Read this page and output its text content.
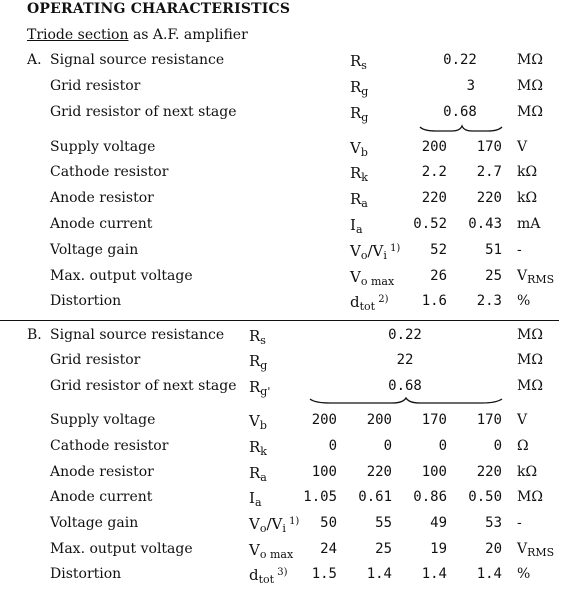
OPERATING CHARACTERISTICS
Triode section as A.F. amplifier
A. Signal source resistance	$R_s$	0.22	MΩ
Grid resistor	$R_g$	3	MΩ
Grid resistor of next stage	$R_g$	0.68	MΩ
Supply voltage	$V_b$	200	170 V
Cathode resistor	$R_k$	2.2	2.7 kΩ
Anode resistor	$R_a$	220	220 kΩ
Anode current	$I_a$	0.52	0.43 mA
Voltage gain	$V_o/V_i$ $^{1)}$	52	51 -
Max. output voltage	$V_{o max}$	26	25 $V_{RMS}$
Distortion	$d_{tot}$ $^{2)}$	1.6	2.3 %
B. Signal source resistance $R_s$	0.22	MΩ
Grid resistor	$R_g$	22	MΩ
Grid resistor of next stage $R_{g'}$	0.68	MΩ
Supply voltage	$V_b$	200	200	170	170 V
Cathode resistor	$R_k$	0	0	0	0 Ω
Anode resistor	$R_a$	100	220	100	220 kΩ
Anode current	$I_a$	1.05	0.61	0.86	0.50 MΩ
Voltage gain	$V_o/V_i$ $^{1)}$	50	55	49	53 -
Max. output voltage	$V_{o max}$	24	25	19	20 $V_{RMS}$
Distortion	$d_{tot}$ $^{3)}$	1.5	1.4	1.4	1.4 %
